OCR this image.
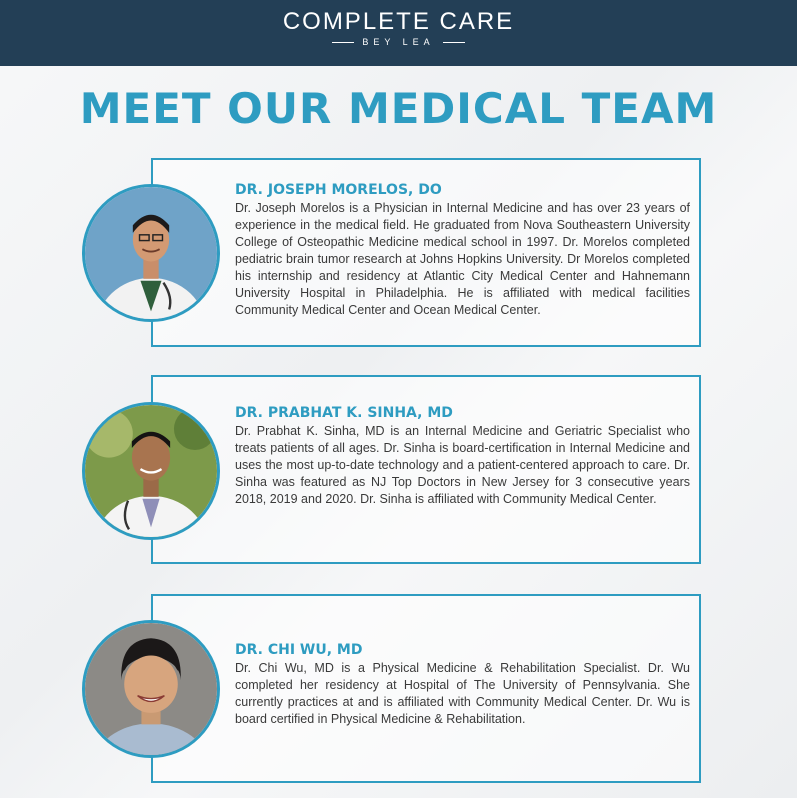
COMPLETE CARE
BEY LEA
MEET OUR MEDICAL TEAM
DR. JOSEPH MORELOS, DO
Dr. Joseph Morelos is a Physician in Internal Medicine and has over 23 years of experience in the medical field. He graduated from Nova Southeastern University College of Osteopathic Medicine medical school in 1997. Dr. Morelos completed pediatric brain tumor research at Johns Hopkins University. Dr Morelos completed his internship and residency at Atlantic City Medical Center and Hahnemann University Hospital in Philadelphia. He is affiliated with medical facilities Community Medical Center and Ocean Medical Center.
DR. PRABHAT K. SINHA, MD
Dr. Prabhat K. Sinha, MD is an Internal Medicine and Geriatric Specialist who treats patients of all ages. Dr. Sinha is board-certification in Internal Medicine and uses the most up-to-date technology and a patient-centered approach to care. Dr. Sinha was featured as NJ Top Doctors in New Jersey for 3 consecutive years 2018, 2019 and 2020. Dr. Sinha is affiliated with Community Medical Center.
DR. CHI WU, MD
Dr. Chi Wu, MD is a Physical Medicine & Rehabilitation Specialist. Dr. Wu completed her residency at Hospital of The University of Pennsylvania. She currently practices at and is affiliated with Community Medical Center. Dr. Wu is board certified in Physical Medicine & Rehabilitation.
